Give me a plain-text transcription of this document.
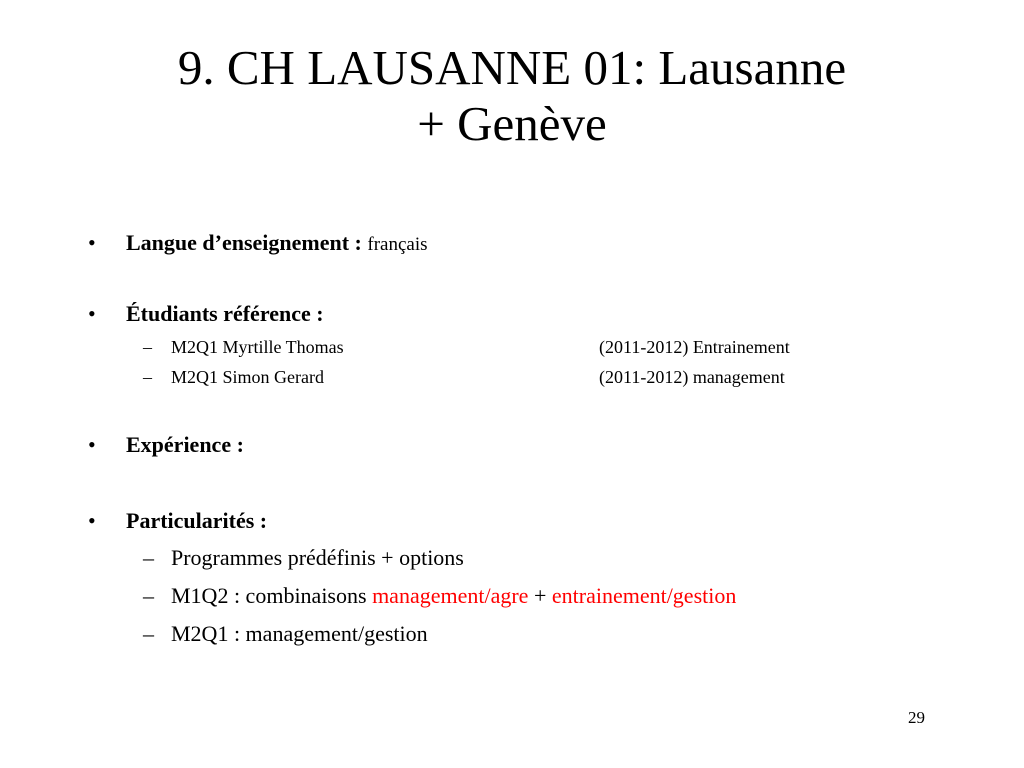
9. CH LAUSANNE 01: Lausanne
+ Genève
• Langue d’enseignement : français
• Étudiants référence :
– M2Q1 Myrtille Thomas	(2011-2012) Entrainement
– M2Q1 Simon Gerard	(2011-2012) management
• Expérience :
• Particularités :
– Programmes prédéfinis + options
– M1Q2 : combinaisons management/agre + entrainement/gestion
– M2Q1 : management/gestion
29
